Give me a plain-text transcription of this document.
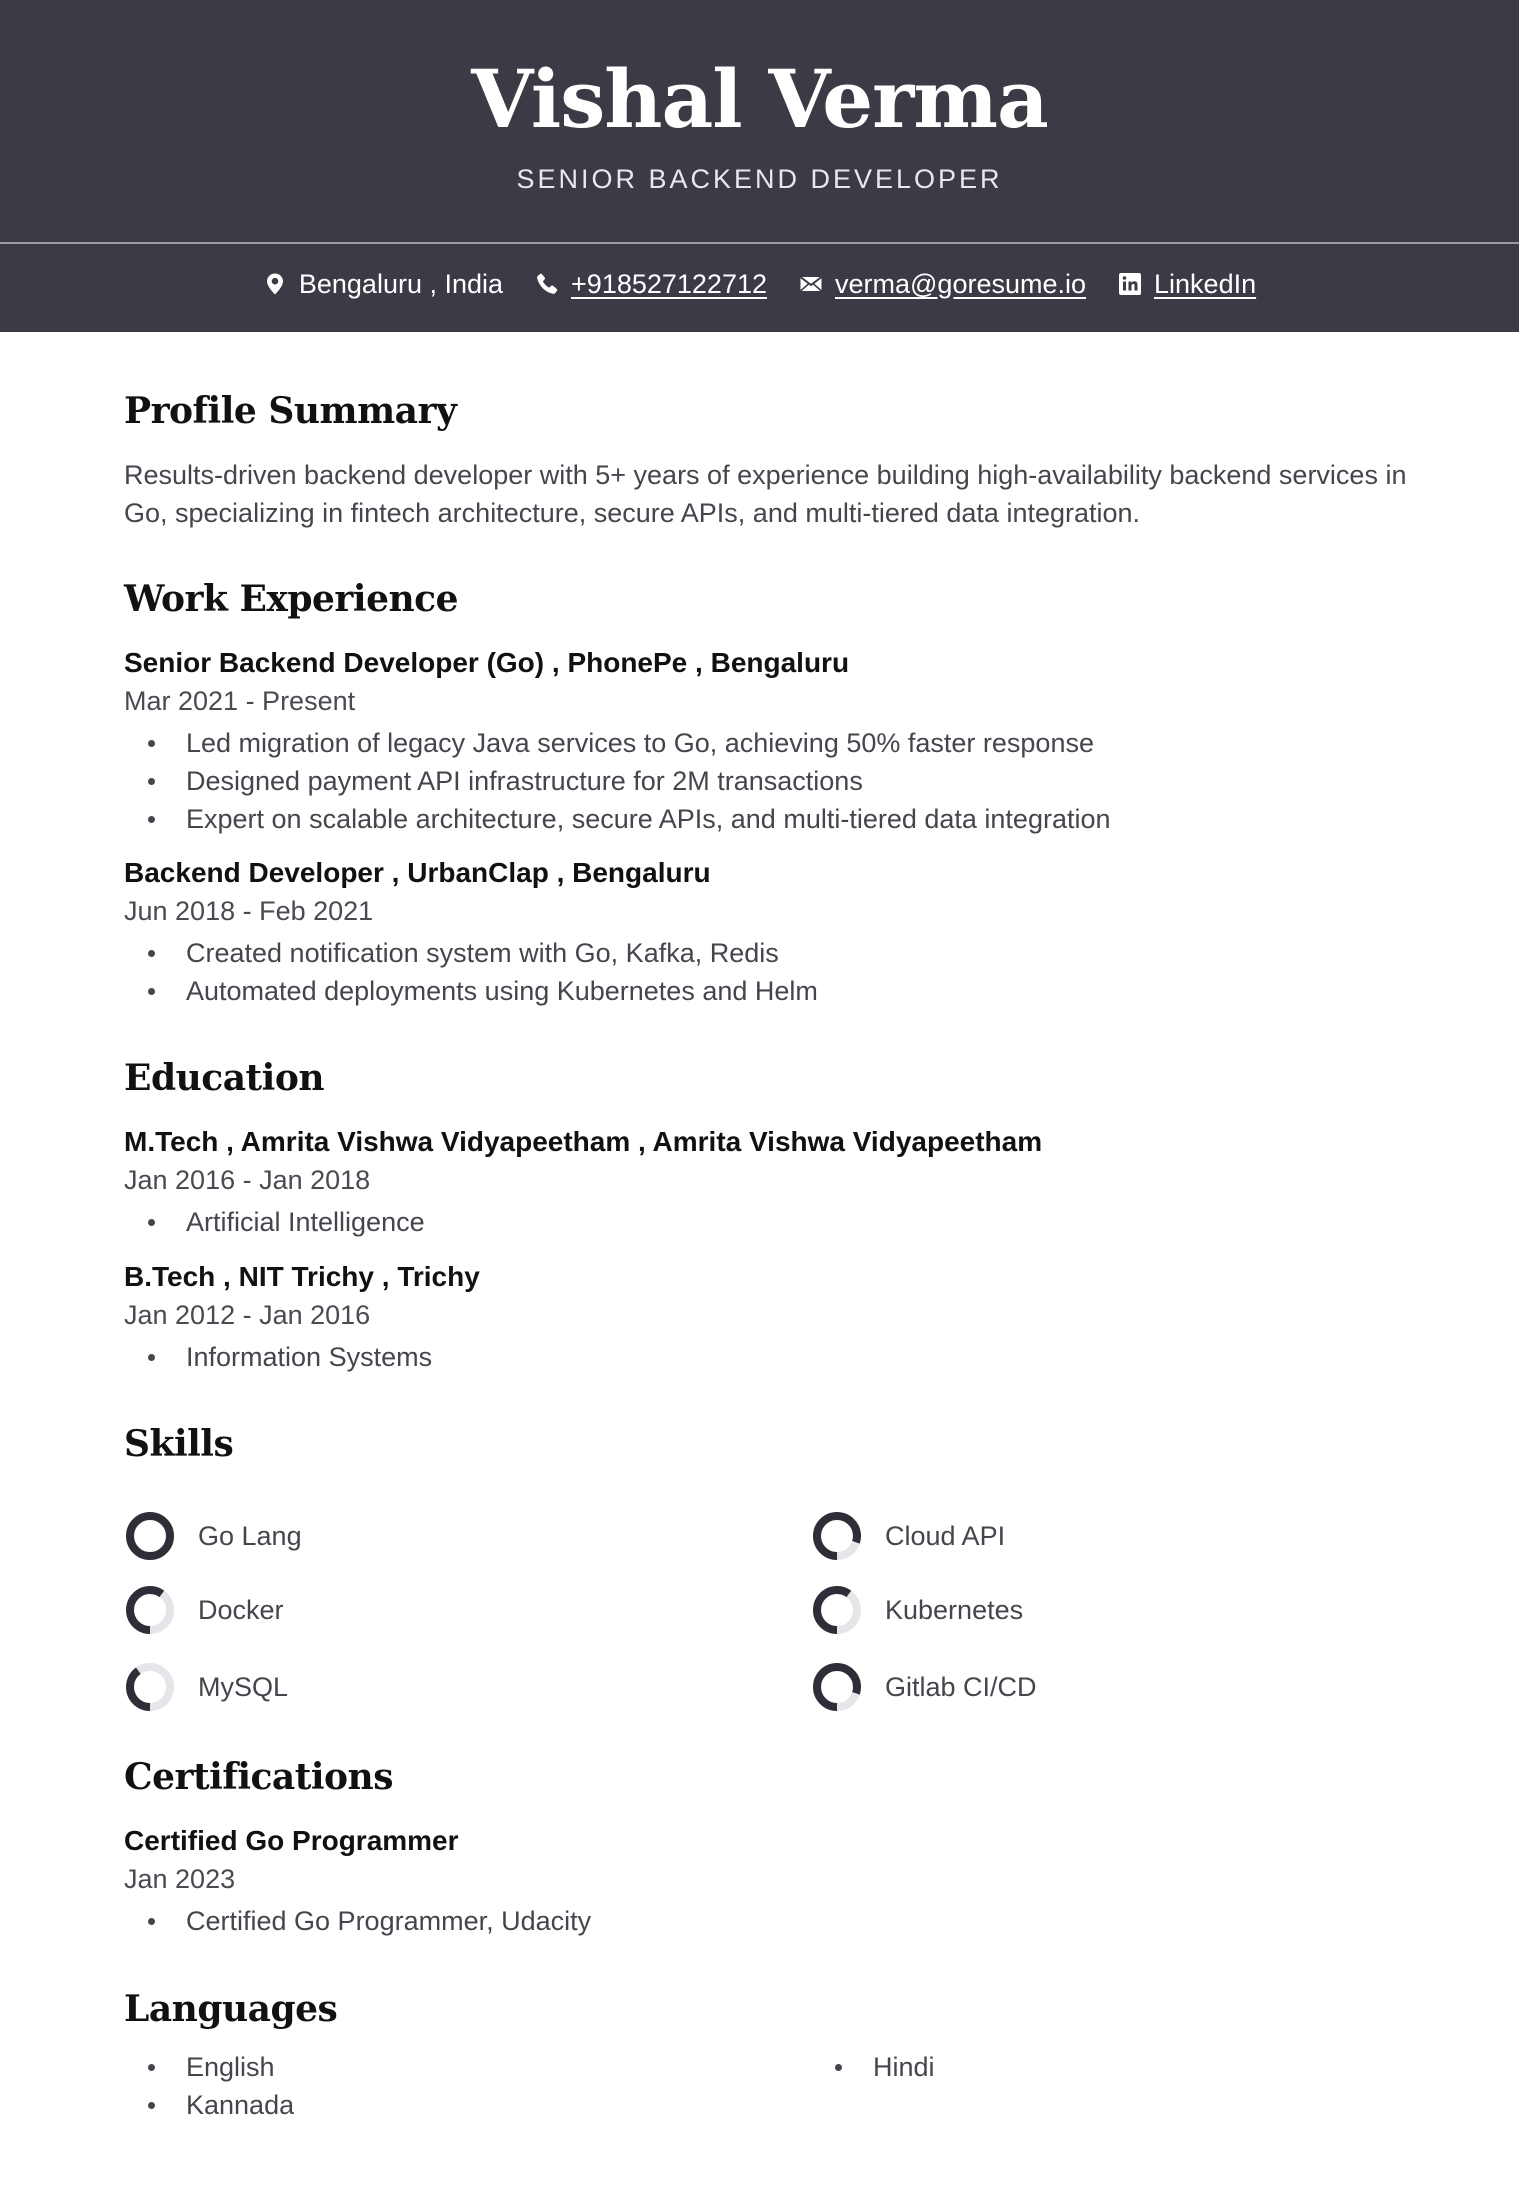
Vishal Verma
SENIOR BACKEND DEVELOPER
Bengaluru , India	+918527122712	verma@goresume.io	LinkedIn
Profile Summary
Results-driven backend developer with 5+ years of experience building high-availability backend services in Go, specializing in fintech architecture, secure APIs, and multi-tiered data integration.
Work Experience
Senior Backend Developer (Go) , PhonePe , Bengaluru
Mar 2021 - Present
Led migration of legacy Java services to Go, achieving 50% faster response
Designed payment API infrastructure for 2M transactions
Expert on scalable architecture, secure APIs, and multi-tiered data integration
Backend Developer , UrbanClap , Bengaluru
Jun 2018 - Feb 2021
Created notification system with Go, Kafka, Redis
Automated deployments using Kubernetes and Helm
Education
M.Tech , Amrita Vishwa Vidyapeetham , Amrita Vishwa Vidyapeetham
Jan 2016 - Jan 2018
Artificial Intelligence
B.Tech , NIT Trichy , Trichy
Jan 2012 - Jan 2016
Information Systems
Skills
Go Lang	Cloud API
Docker	Kubernetes
MySQL	Gitlab CI/CD
Certifications
Certified Go Programmer
Jan 2023
Certified Go Programmer, Udacity
Languages
English
Kannada
Hindi
